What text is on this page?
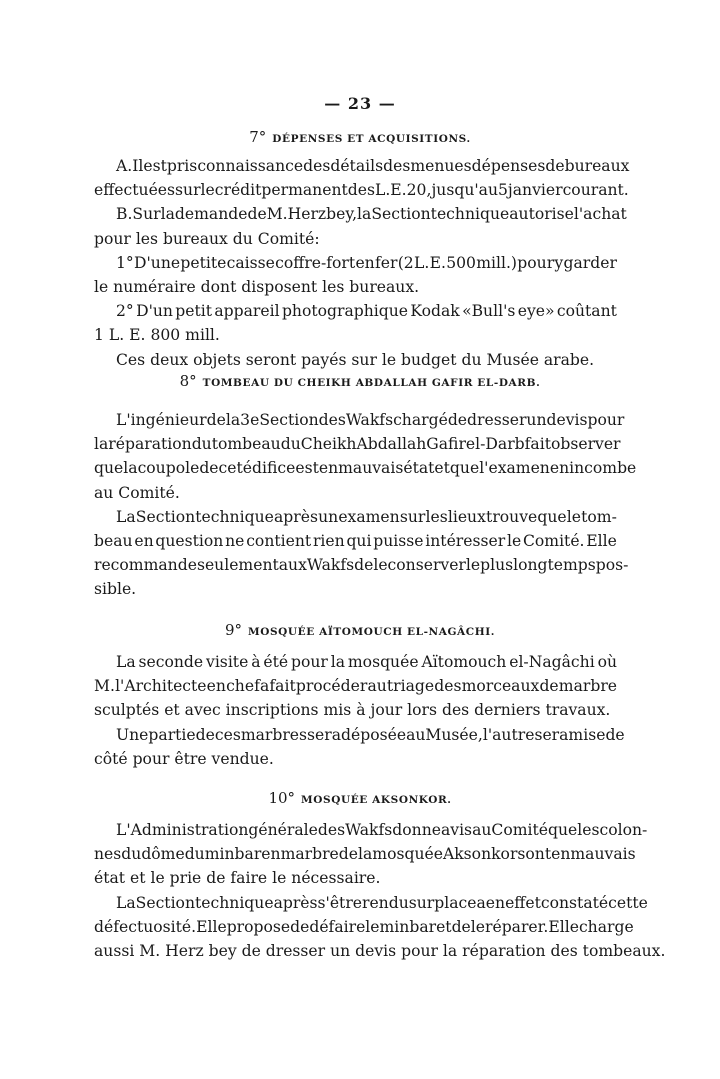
— 23 —
7° DÉPENSES ET ACQUISITIONS.
A. Il est pris connaissance des détails des menues dépenses de bureaux
effectuées sur le crédit permanent des L. E. 20, jusqu'au 5 janvier courant.
B. Sur la demande de M. Herz bey, la Section technique autorise l'achat
pour les bureaux du Comité:
1° D'une petite caisse coffre-fort en fer (2 L. E. 500 mill.) pour y garder
le numéraire dont disposent les bureaux.
2° D'un petit appareil photographique Kodak «Bull's eye» coûtant
1 L. E. 800 mill.
Ces deux objets seront payés sur le budget du Musée arabe.
8° TOMBEAU DU CHEIKH ABDALLAH GAFIR EL-DARB.
L'ingénieur de la 3e Section des Wakfs chargé de dresser un devis pour
la réparation du tombeau du Cheikh Abdallah Gafir el-Darb fait observer
que la coupole de cet édifice est en mauvais état et que l'examen en incombe
au Comité.
La Section technique après un examen sur les lieux trouve que le tom-
beau en question ne contient rien qui puisse intéresser le Comité. Elle
recommande seulement aux Wakfs de le conserver le plus longtemps pos-
sible.
9° MOSQUÉE AÏTOMOUCH EL-NAGÂCHI.
La seconde visite à été pour la mosquée Aïtomouch el-Nagâchi où
M. l'Architecte en chef a fait procéder au triage des morceaux de marbre
sculptés et avec inscriptions mis à jour lors des derniers travaux.
Une partie de ces marbres sera déposée au Musée, l'autre sera mise de
côté pour être vendue.
10° MOSQUÉE AKSONKOR.
L'Administration générale des Wakfs donne avis au Comité que les colon-
nes du dôme du minbar en marbre de la mosquée Aksonkor sont en mauvais
état et le prie de faire le nécessaire.
La Section technique après s'être rendu sur place a en effet constaté cette
défectuosité. Elle propose de défaire le minbar et de le réparer. Elle charge
aussi M. Herz bey de dresser un devis pour la réparation des tombeaux.
